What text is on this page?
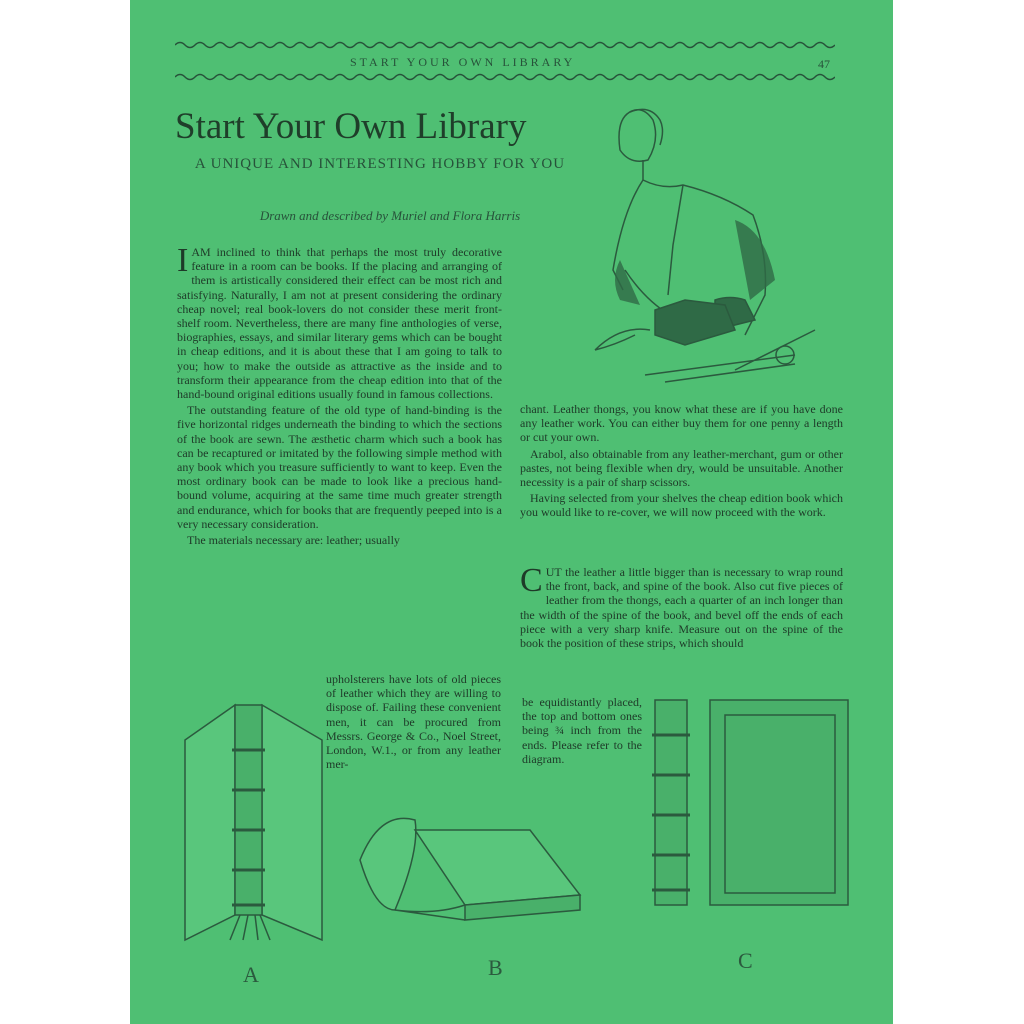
START YOUR OWN LIBRARY	47
Start Your Own Library
A UNIQUE AND INTERESTING HOBBY FOR YOU
Drawn and described by Muriel and Flora Harris

IAM inclined to think that perhaps the most truly decorative feature in a room can be books. If the placing and arranging of them is artistically considered their effect can be most rich and satisfying. Naturally, I am not at present considering the ordinary cheap novel; real book-lovers do not consider these merit front-shelf room. Nevertheless, there are many fine anthologies of verse, biographies, essays, and similar literary gems which can be bought in cheap editions, and it is about these that I am going to talk to you; how to make the outside as attractive as the inside and to transform their appearance from the cheap edition into that of the hand-bound original editions usually found in famous collections.

The outstanding feature of the old type of hand-binding is the five horizontal ridges underneath the binding to which the sections of the book are sewn. The æsthetic charm which such a book has can be recaptured or imitated by the following simple method with any book which you treasure sufficiently to want to keep. Even the most ordinary book can be made to look like a precious hand-bound volume, acquiring at the same time much greater strength and endurance, which for books that are frequently peeped into is a very necessary consideration.

The materials necessary are: leather; usually

upholsterers have lots of old pieces of leather which they are willing to dispose of. Failing these convenient men, it can be procured from Messrs. George & Co., Noel Street, London, W.1., or from any leather mer-

chant. Leather thongs, you know what these are if you have done any leather work. You can either buy them for one penny a length or cut your own.

Arabol, also obtainable from any leather-merchant, gum or other pastes, not being flexible when dry, would be unsuitable. Another necessity is a pair of sharp scissors.

Having selected from your shelves the cheap edition book which you would like to re-cover, we will now proceed with the work.

CUT the leather a little bigger than is necessary to wrap round the front, back, and spine of the book. Also cut five pieces of leather from the thongs, each a quarter of an inch longer than the width of the spine of the book, and bevel off the ends of each piece with a very sharp knife. Measure out on the spine of the book the position of these strips, which should

be equidistantly placed, the top and bottom ones being ¾ inch from the ends. Please refer to the diagram.

A	B	C
